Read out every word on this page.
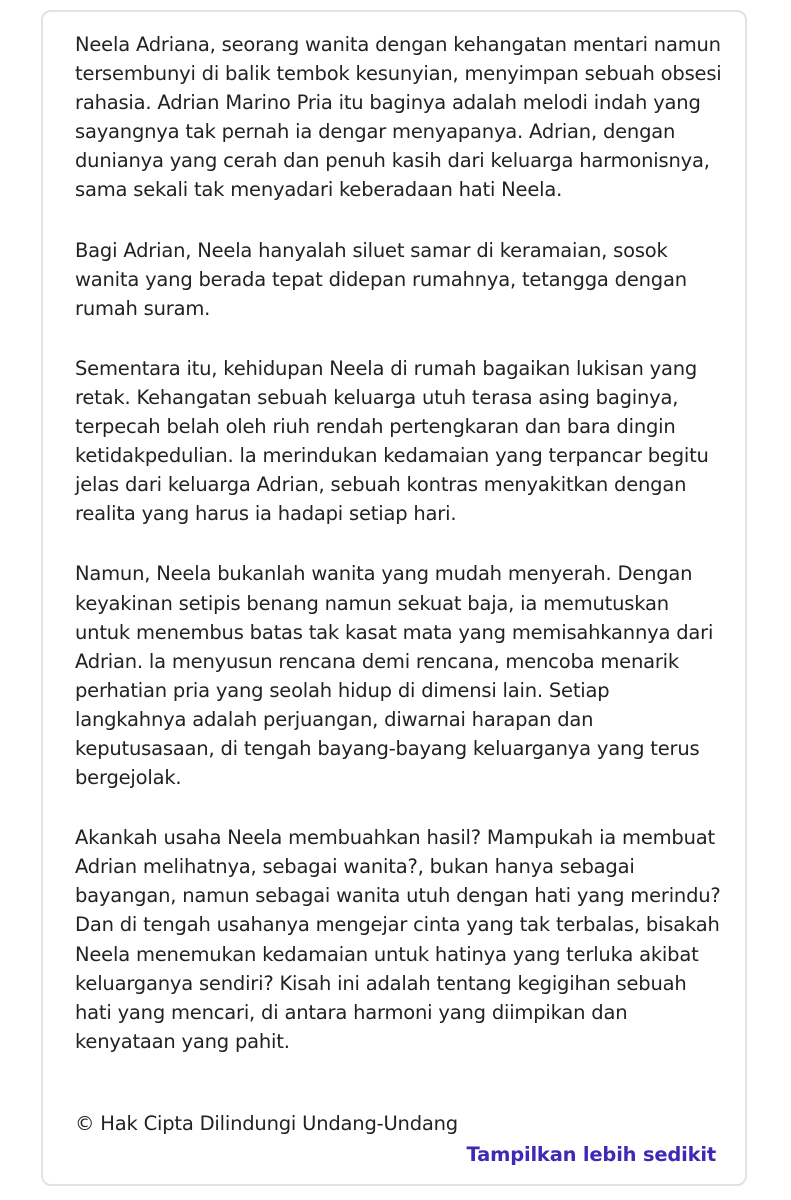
Neela Adriana, seorang wanita dengan kehangatan mentari namun tersembunyi di balik tembok kesunyian, menyimpan sebuah obsesi rahasia. Adrian Marino Pria itu baginya adalah melodi indah yang sayangnya tak pernah ia dengar menyapanya. Adrian, dengan dunianya yang cerah dan penuh kasih dari keluarga harmonisnya, sama sekali tak menyadari keberadaan hati Neela.

Bagi Adrian, Neela hanyalah siluet samar di keramaian, sosok wanita yang berada tepat didepan rumahnya, tetangga dengan rumah suram.

Sementara itu, kehidupan Neela di rumah bagaikan lukisan yang retak. Kehangatan sebuah keluarga utuh terasa asing baginya, terpecah belah oleh riuh rendah pertengkaran dan bara dingin ketidakpedulian. la merindukan kedamaian yang terpancar begitu jelas dari keluarga Adrian, sebuah kontras menyakitkan dengan realita yang harus ia hadapi setiap hari.

Namun, Neela bukanlah wanita yang mudah menyerah. Dengan keyakinan setipis benang namun sekuat baja, ia memutuskan untuk menembus batas tak kasat mata yang memisahkannya dari Adrian. la menyusun rencana demi rencana, mencoba menarik perhatian pria yang seolah hidup di dimensi lain. Setiap langkahnya adalah perjuangan, diwarnai harapan dan keputusasaan, di tengah bayang-bayang keluarganya yang terus bergejolak.

Akankah usaha Neela membuahkan hasil? Mampukah ia membuat Adrian melihatnya, sebagai wanita?, bukan hanya sebagai bayangan, namun sebagai wanita utuh dengan hati yang merindu? Dan di tengah usahanya mengejar cinta yang tak terbalas, bisakah Neela menemukan kedamaian untuk hatinya yang terluka akibat keluarganya sendiri? Kisah ini adalah tentang kegigihan sebuah hati yang mencari, di antara harmoni yang diimpikan dan kenyataan yang pahit.

© Hak Cipta Dilindungi Undang-Undang
Tampilkan lebih sedikit
